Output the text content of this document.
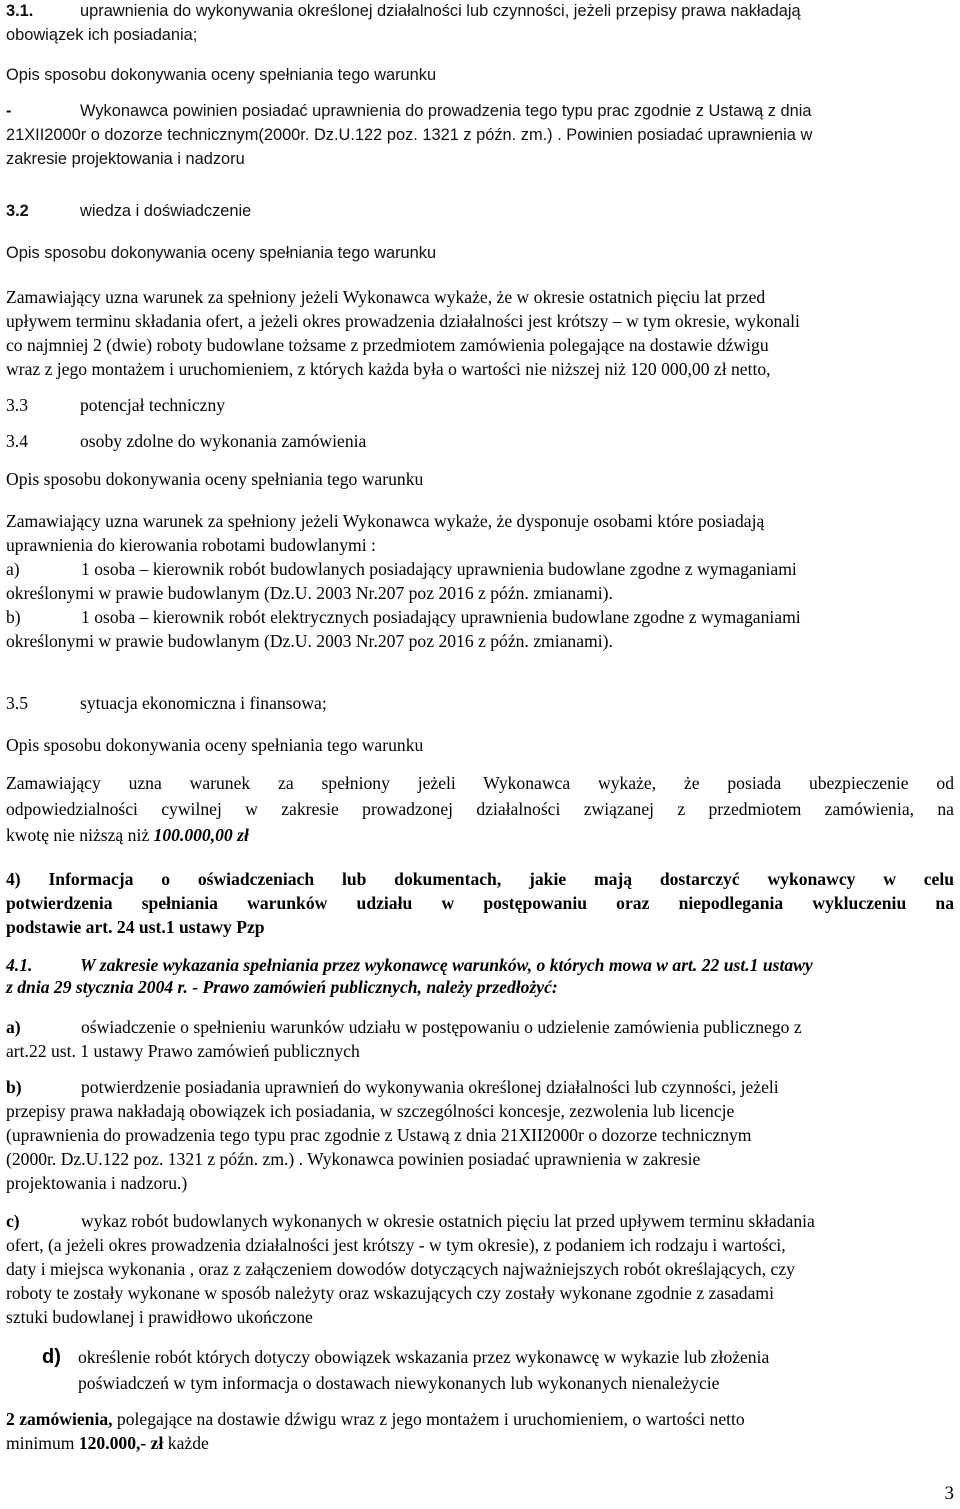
3.1.	uprawnienia do wykonywania określonej działalności lub czynności, jeżeli przepisy prawa nakładają
obowiązek ich posiadania;
Opis sposobu dokonywania oceny spełniania tego warunku
-	Wykonawca powinien posiadać uprawnienia do prowadzenia tego typu prac zgodnie z Ustawą z dnia
21XII2000r o dozorze technicznym(2000r. Dz.U.122 poz. 1321 z późn. zm.) . Powinien posiadać uprawnienia w
zakresie projektowania i nadzoru
3.2	wiedza i doświadczenie
Opis sposobu dokonywania oceny spełniania tego warunku
Zamawiający uzna warunek za spełniony jeżeli Wykonawca wykaże, że w okresie ostatnich pięciu lat przed
upływem terminu składania ofert, a jeżeli okres prowadzenia działalności jest krótszy – w tym okresie, wykonali
co najmniej 2 (dwie) roboty budowlane tożsame z przedmiotem zamówienia polegające na dostawie dźwigu
wraz z jego montażem i uruchomieniem, z których każda była o wartości nie niższej niż 120 000,00 zł netto,
3.3	potencjał techniczny
3.4	osoby zdolne do wykonania zamówienia
Opis sposobu dokonywania oceny spełniania tego warunku
Zamawiający uzna warunek za spełniony jeżeli Wykonawca wykaże, że dysponuje osobami które posiadają
uprawnienia do kierowania robotami budowlanymi :
a)	1 osoba – kierownik robót budowlanych posiadający uprawnienia budowlane zgodne z wymaganiami
określonymi w prawie budowlanym (Dz.U. 2003 Nr.207 poz 2016 z późn. zmianami).
b)	1 osoba – kierownik robót elektrycznych posiadający uprawnienia budowlane zgodne z wymaganiami
określonymi w prawie budowlanym (Dz.U. 2003 Nr.207 poz 2016 z późn. zmianami).
3.5	sytuacja ekonomiczna i finansowa;
Opis sposobu dokonywania oceny spełniania tego warunku
Zamawiający uzna warunek za spełniony jeżeli Wykonawca wykaże, że posiada ubezpieczenie od
odpowiedzialności cywilnej w zakresie prowadzonej działalności związanej z przedmiotem zamówienia, na
kwotę nie niższą niż 100.000,00 zł
4) Informacja o oświadczeniach lub dokumentach, jakie mają dostarczyć wykonawcy w celu
potwierdzenia spełniania warunków udziału w postępowaniu oraz niepodlegania wykluczeniu na
podstawie art. 24 ust.1 ustawy Pzp
4.1.	W zakresie wykazania spełniania przez wykonawcę warunków, o których mowa w art. 22 ust.1 ustawy
z dnia 29 stycznia 2004 r. - Prawo zamówień publicznych, należy przedłożyć:
a)	oświadczenie o spełnieniu warunków udziału w postępowaniu o udzielenie zamówienia publicznego z
art.22 ust. 1 ustawy Prawo zamówień publicznych
b)	potwierdzenie posiadania uprawnień do wykonywania określonej działalności lub czynności, jeżeli
przepisy prawa nakładają obowiązek ich posiadania, w szczególności koncesje, zezwolenia lub licencje
(uprawnienia do prowadzenia tego typu prac zgodnie z Ustawą z dnia 21XII2000r o dozorze technicznym
(2000r. Dz.U.122 poz. 1321 z późn. zm.) . Wykonawca powinien posiadać uprawnienia w zakresie
projektowania i nadzoru.)
c)	wykaz robót budowlanych wykonanych w okresie ostatnich pięciu lat przed upływem terminu składania
ofert, (a jeżeli okres prowadzenia działalności jest krótszy - w tym okresie), z podaniem ich rodzaju i wartości,
daty i miejsca wykonania , oraz z załączeniem dowodów dotyczących najważniejszych robót określających, czy
roboty te zostały wykonane w sposób należyty oraz wskazujących czy zostały wykonane zgodnie z zasadami
sztuki budowlanej i prawidłowo ukończone
d) określenie robót których dotyczy obowiązek wskazania przez wykonawcę w wykazie lub złożenia
poświadczeń w tym informacja o dostawach niewykonanych lub wykonanych nienależycie
2 zamówienia, polegające na dostawie dźwigu wraz z jego montażem i uruchomieniem, o wartości netto
minimum 120.000,- zł każde
3
